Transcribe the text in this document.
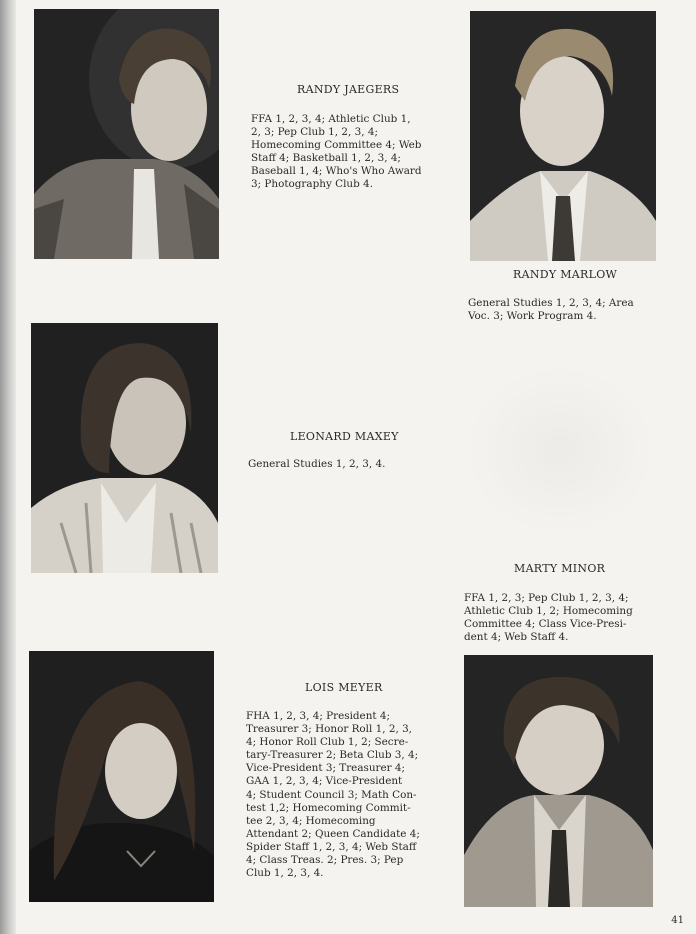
RANDY JAEGERS
FFA 1, 2, 3, 4; Athletic Club 1,
2, 3; Pep Club 1, 2, 3, 4;
Homecoming Committee 4; Web
Staff 4; Basketball 1, 2, 3, 4;
Baseball 1, 4; Who's Who Award
3; Photography Club 4.
RANDY MARLOW
General Studies 1, 2, 3, 4; Area
Voc. 3; Work Program 4.
LEONARD MAXEY
General Studies 1, 2, 3, 4.
MARTY MINOR
FFA 1, 2, 3; Pep Club 1, 2, 3, 4;
Athletic Club 1, 2; Homecoming
Committee 4; Class Vice-Presi-
dent 4; Web Staff 4.
LOIS MEYER
FHA 1, 2, 3, 4; President 4;
Treasurer 3; Honor Roll 1, 2, 3,
4; Honor Roll Club 1, 2; Secre-
tary-Treasurer 2; Beta Club 3, 4;
Vice-President 3; Treasurer 4;
GAA 1, 2, 3, 4; Vice-President
4; Student Council 3; Math Con-
test 1,2; Homecoming Commit-
tee 2, 3, 4; Homecoming
Attendant 2; Queen Candidate 4;
Spider Staff 1, 2, 3, 4; Web Staff
4; Class Treas. 2; Pres. 3; Pep
Club 1, 2, 3, 4.
41
